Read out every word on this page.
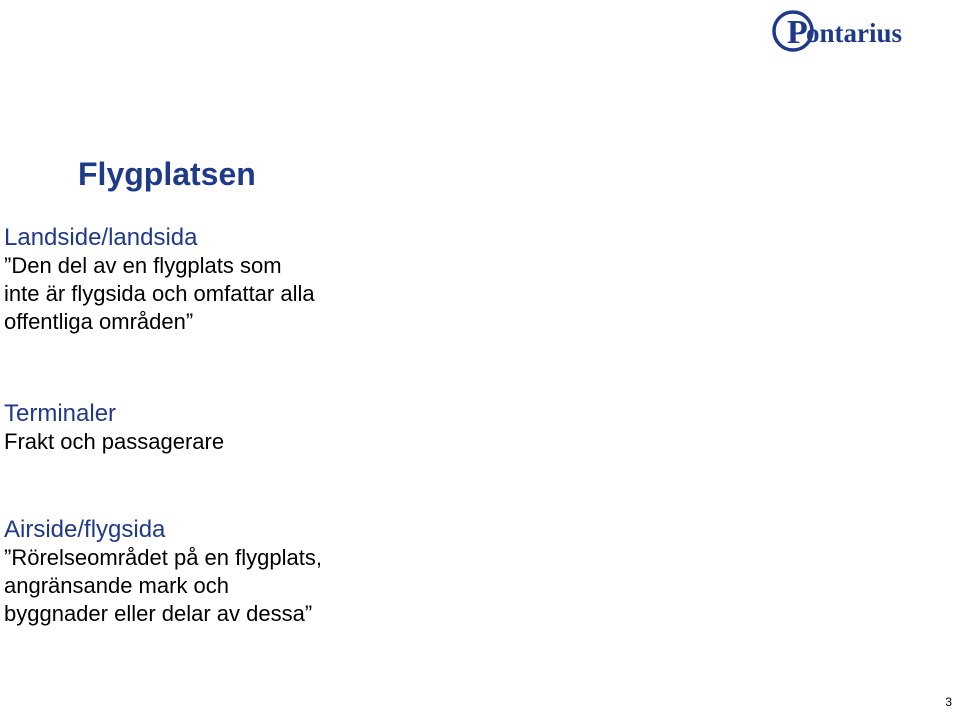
P
ontarius
Flygplatsen
Landside/landsida
”Den del av en flygplats som
inte är flygsida och omfattar alla
offentliga områden”
Terminaler
Frakt och passagerare
Airside/flygsida
”Rörelseområdet på en flygplats,
angränsande mark och
byggnader eller delar av dessa”
3
